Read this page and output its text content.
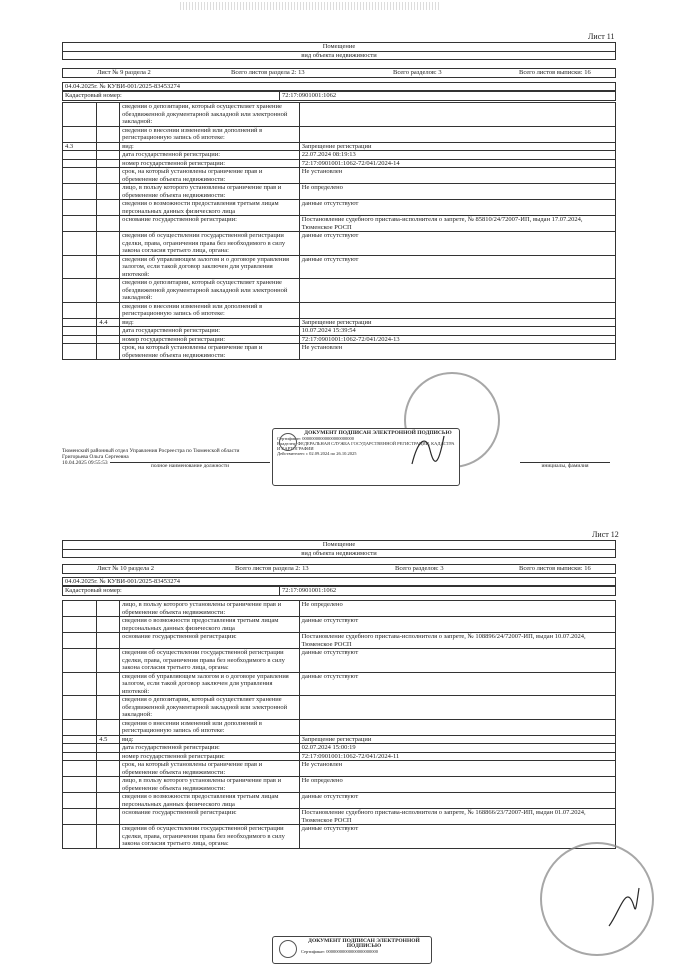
Лист 11
Помещение
вид объекта недвижимости
Лист № 9 раздела 2	Всего листов раздела 2: 13	Всего разделов: 3	Всего листов выписки: 16
04.04.2025г. № КУВИ-001/2025-83453274
Кадастровый номер:	72:17:0901001:1062
		сведения о депозитарии, который осуществляет хранение обездвиженной документарной закладной или электронной закладной:	
		сведения о внесении изменений или дополнений в регистрационную запись об ипотеке:	
4.3		вид:	Запрещение регистрации
		дата государственной регистрации:	22.07.2024 08:19:13
		номер государственной регистрации:	72:17:0901001:1062-72/041/2024-14
		срок, на который установлены ограничение прав и обременение объекта недвижимости:	Не установлен
		лицо, в пользу которого установлены ограничение прав и обременение объекта недвижимости:	Не определено
		сведения о возможности предоставления третьим лицам персональных данных физического лица	данные отсутствуют
		основание государственной регистрации:	Постановление судебного пристава-исполнителя о запрете, № 85810/24/72007-ИП, выдан 17.07.2024, Тюменское РОСП
		сведения об осуществлении государственной регистрации сделки, права, ограничения права без необходимого в силу закона согласия третьего лица, органа:	данные отсутствуют
		сведения об управляющем залогом и о договоре управления залогом, если такой договор заключен для управления ипотекой:	данные отсутствуют
		сведения о депозитарии, который осуществляет хранение обездвиженной документарной закладной или электронной закладной:	
		сведения о внесении изменений или дополнений в регистрационную запись об ипотеке:	
	4.4	вид:	Запрещение регистрации
		дата государственной регистрации:	10.07.2024 15:39:54
		номер государственной регистрации:	72:17:0901001:1062-72/041/2024-13
		срок, на который установлены ограничение прав и обременение объекта недвижимости:	Не установлен
ДОКУМЕНТ ПОДПИСАН ЭЛЕКТРОННОЙ ПОДПИСЬЮ
Сертификат: 00000000000000000000000
Владелец: ФЕДЕРАЛЬНАЯ СЛУЖБА ГОСУДАРСТВЕННОЙ РЕГИСТРАЦИИ, КАДАСТРА И КАРТОГРАФИИ
Действителен: с 02.09.2024 по 26.10.2025
Тюменский районный отдел Управления Росреестра по Тюменской области
Григорьева Ольга Сергеевна
10.04.2025 09:55:53	полное наименование должности	инициалы, фамилия
Лист 12
Помещение
вид объекта недвижимости
Лист № 10 раздела 2	Всего листов раздела 2: 13	Всего разделов: 3	Всего листов выписки: 16
04.04.2025г. № КУВИ-001/2025-83453274
Кадастровый номер:	72:17:0901001:1062
		лицо, в пользу которого установлены ограничение прав и обременение объекта недвижимости:	Не определено
		сведения о возможности предоставления третьим лицам персональных данных физического лица	данные отсутствуют
		основание государственной регистрации:	Постановление судебного пристава-исполнителя о запрете, № 108896/24/72007-ИП, выдан 10.07.2024, Тюменское РОСП
		сведения об осуществлении государственной регистрации сделки, права, ограничения права без необходимого в силу закона согласия третьего лица, органа:	данные отсутствуют
		сведения об управляющем залогом и о договоре управления залогом, если такой договор заключен для управления ипотекой:	данные отсутствуют
		сведения о депозитарии, который осуществляет хранение обездвиженной документарной закладной или электронной закладной:	
		сведения о внесении изменений или дополнений в регистрационную запись об ипотеке:	
	4.5	вид:	Запрещение регистрации
		дата государственной регистрации:	02.07.2024 15:00:19
		номер государственной регистрации:	72:17:0901001:1062-72/041/2024-11
		срок, на который установлены ограничение прав и обременение объекта недвижимости:	Не установлен
		лицо, в пользу которого установлены ограничение прав и обременение объекта недвижимости:	Не определено
		сведения о возможности предоставления третьим лицам персональных данных физического лица	данные отсутствуют
		основание государственной регистрации:	Постановление судебного пристава-исполнителя о запрете, № 168866/23/72007-ИП, выдан 01.07.2024, Тюменское РОСП
		сведения об осуществлении государственной регистрации сделки, права, ограничения права без необходимого в силу закона согласия третьего лица, органа:	данные отсутствуют
ДОКУМЕНТ ПОДПИСАН ЭЛЕКТРОННОЙ ПОДПИСЬЮ
Сертификат: 00000000000000000000000
